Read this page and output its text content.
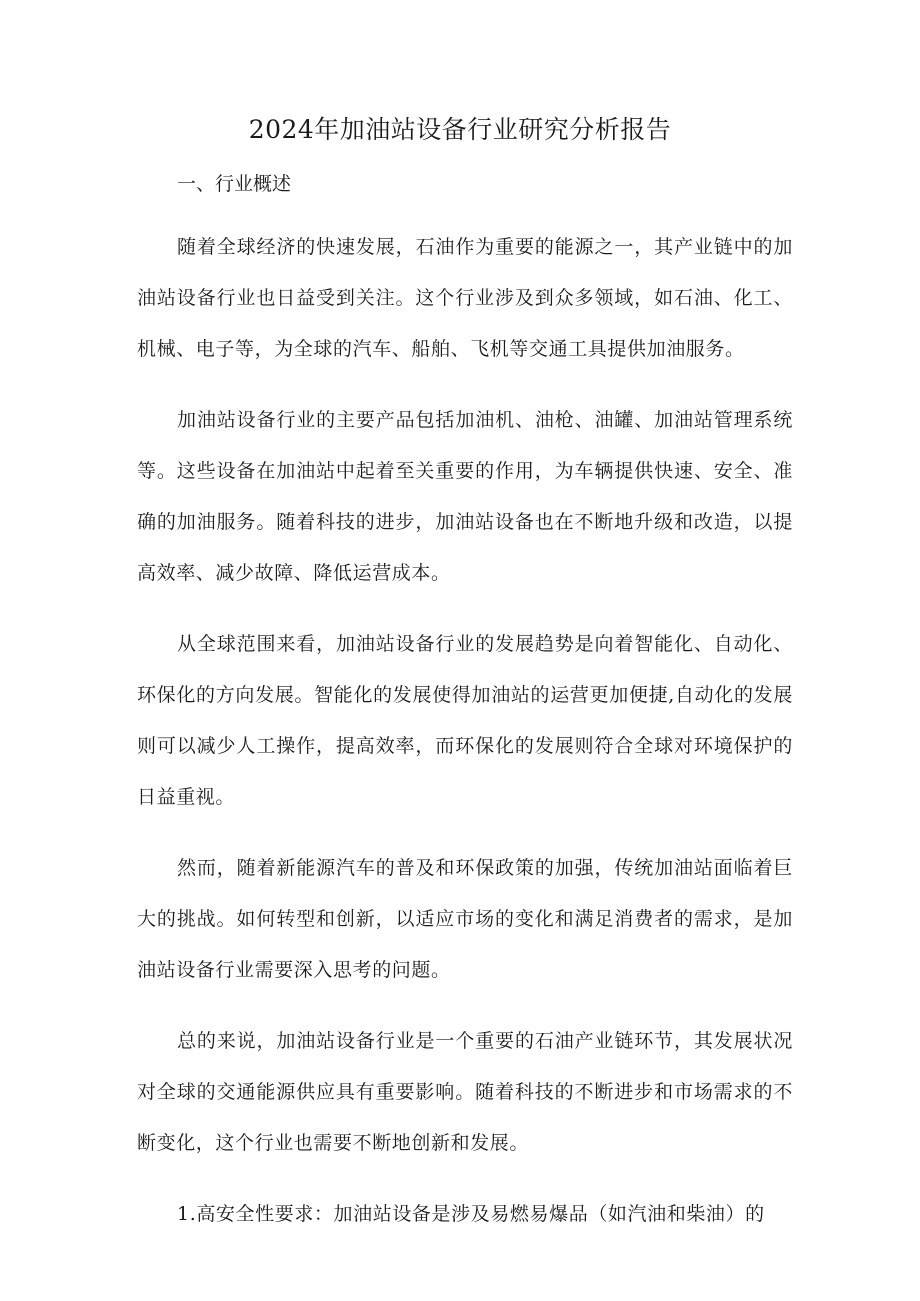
2024年加油站设备行业研究分析报告
一、行业概述

随着全球经济的快速发展，石油作为重要的能源之一，其产业链中的加油站设备行业也日益受到关注。这个行业涉及到众多领域，如石油、化工、机械、电子等，为全球的汽车、船舶、飞机等交通工具提供加油服务。

加油站设备行业的主要产品包括加油机、油枪、油罐、加油站管理系统等。这些设备在加油站中起着至关重要的作用，为车辆提供快速、安全、准确的加油服务。随着科技的进步，加油站设备也在不断地升级和改造，以提高效率、减少故障、降低运营成本。

从全球范围来看，加油站设备行业的发展趋势是向着智能化、自动化、环保化的方向发展。智能化的发展使得加油站的运营更加便捷,自动化的发展则可以减少人工操作，提高效率，而环保化的发展则符合全球对环境保护的日益重视。

然而，随着新能源汽车的普及和环保政策的加强，传统加油站面临着巨大的挑战。如何转型和创新，以适应市场的变化和满足消费者的需求，是加油站设备行业需要深入思考的问题。

总的来说，加油站设备行业是一个重要的石油产业链环节，其发展状况对全球的交通能源供应具有重要影响。随着科技的不断进步和市场需求的不断变化，这个行业也需要不断地创新和发展。

1.高安全性要求：加油站设备是涉及易燃易爆品（如汽油和柴油）的
